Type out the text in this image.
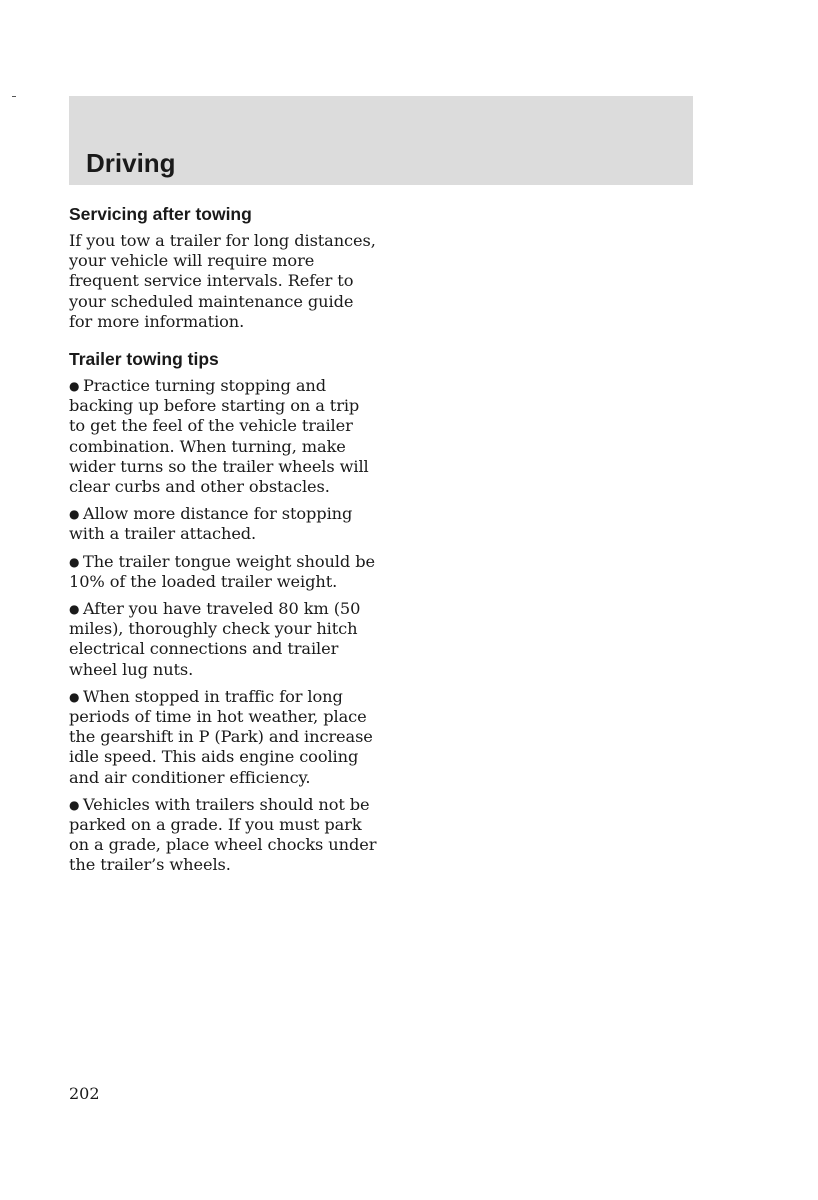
Driving
Servicing after towing

If you tow a trailer for long distances, your vehicle will require more frequent service intervals. Refer to your scheduled maintenance guide for more information.

Trailer towing tips
● Practice turning stopping and backing up before starting on a trip to get the feel of the vehicle trailer combination. When turning, make wider turns so the trailer wheels will clear curbs and other obstacles.
● Allow more distance for stopping with a trailer attached.
● The trailer tongue weight should be 10% of the loaded trailer weight.
● After you have traveled 80 km (50 miles), thoroughly check your hitch electrical connections and trailer wheel lug nuts.
● When stopped in traffic for long periods of time in hot weather, place the gearshift in P (Park) and increase idle speed. This aids engine cooling and air conditioner efficiency.
● Vehicles with trailers should not be parked on a grade. If you must park on a grade, place wheel chocks under the trailer’s wheels.
202
